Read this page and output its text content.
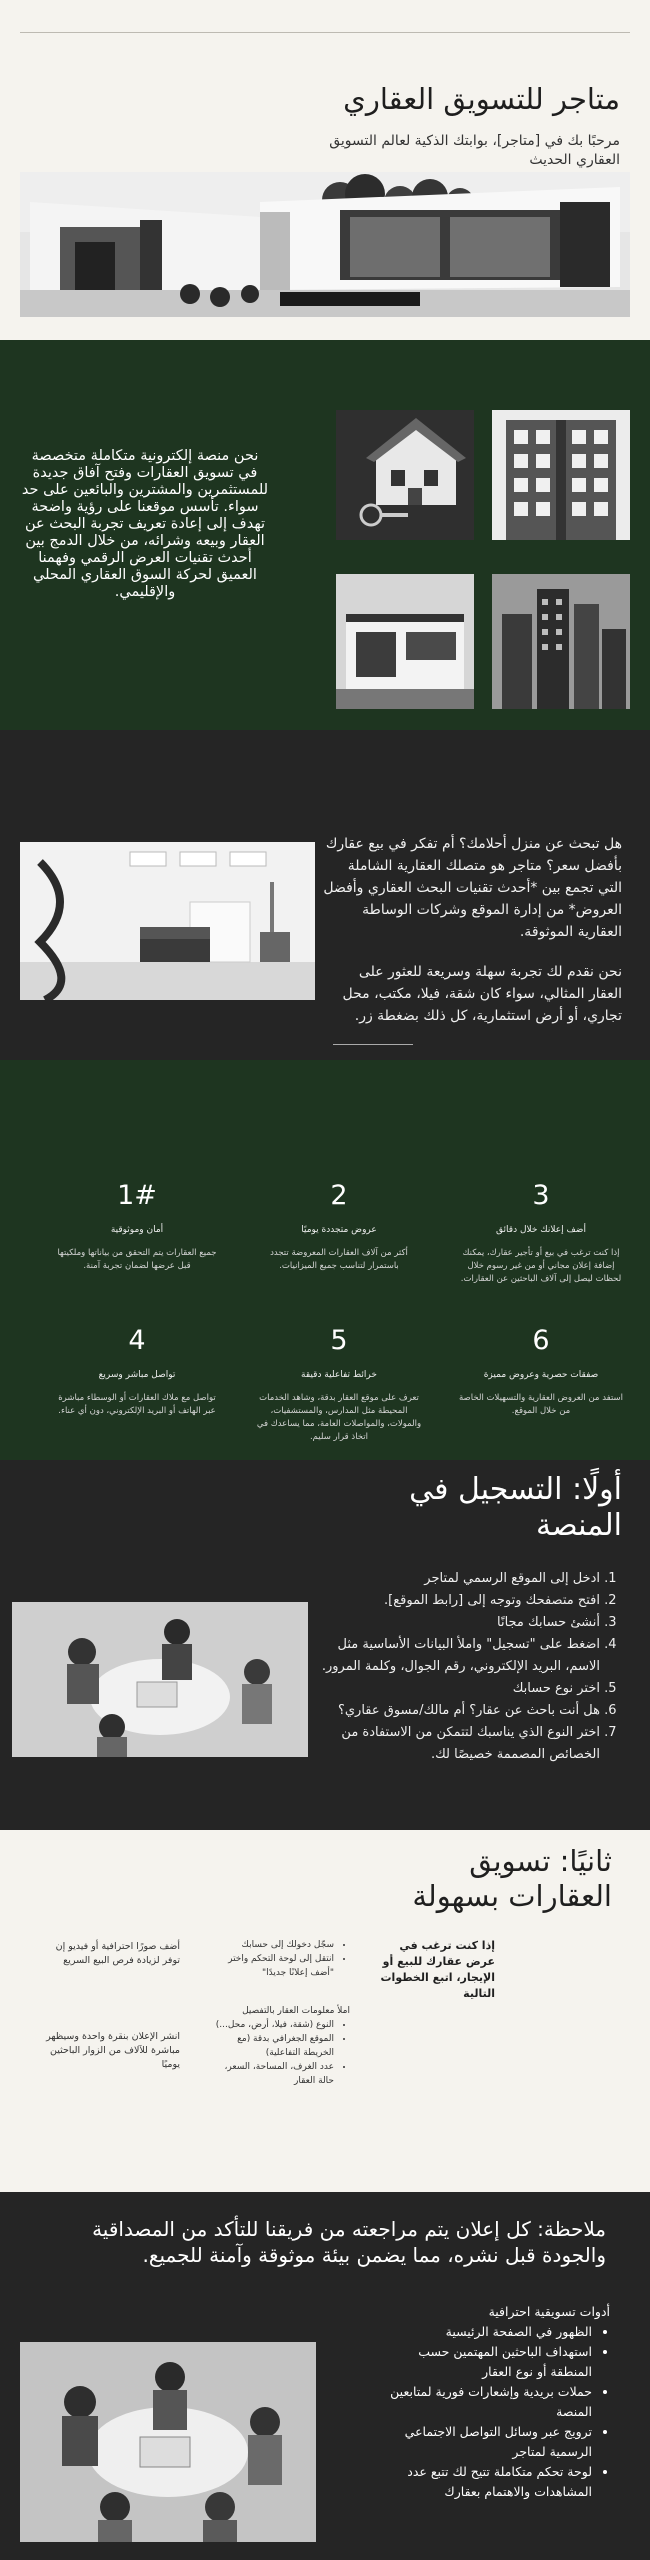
متاجر للتسويق العقاري

مرحبًا بك في [متاجر]، بوابتك الذكية لعالم التسويق العقاري الحديث

نحن منصة إلكترونية متكاملة متخصصة في تسويق العقارات وفتح آفاق جديدة للمستثمرين والمشترين والبائعين على حد سواء. تأسس موقعنا على رؤية واضحة تهدف إلى إعادة تعريف تجربة البحث عن العقار وبيعه وشرائه، من خلال الدمج بين أحدث تقنيات العرض الرقمي وفهمنا العميق لحركة السوق العقاري المحلي والإقليمي.

هل تبحث عن منزل أحلامك؟ أم تفكر في بيع عقارك بأفضل سعر؟ متاجر هو متصلك العقارية الشاملة التي تجمع بين *أحدث تقنيات البحث العقاري وأفضل العروض* من إدارة الموقع وشركات الوساطة العقارية الموثوقة.

نحن نقدم لك تجربة سهلة وسريعة للعثور على العقار المثالي، سواء كان شقة، فيلا، مكتب، محل تجاري، أو أرض استثمارية، كل ذلك بضغطة زر.

3
أضف إعلانك خلال دقائق
إذا كنت ترغب في بيع أو تأجير عقارك، يمكنك إضافة إعلان مجاني أو من غير رسوم خلال لحظات ليصل إلى آلاف الباحثين عن العقارات.
2
عروض متجددة يوميًا
أكثر من آلاف العقارات المعروضة تتجدد باستمرار لتناسب جميع الميزانيات.
1#
أمان وموثوقية
جميع العقارات يتم التحقق من بياناتها وملكيتها قبل عرضها لضمان تجربة آمنة.
6
صفقات حصرية وعروض مميزة
استفد من العروض العقارية والتسهيلات الخاصة من خلال الموقع.
5
خرائط تفاعلية دقيقة
تعرف على موقع العقار بدقة، وشاهد الخدمات المحيطة مثل المدارس، والمستشفيات، والمولات، والمواصلات العامة، مما يساعدك في اتخاذ قرار سليم.
4
تواصل مباشر وسريع
تواصل مع ملاك العقارات أو الوسطاء مباشرة عبر الهاتف أو البريد الإلكتروني، دون أي عناء.
أولًا: التسجيل في المنصة
1. ادخل إلى الموقع الرسمي لمتاجر
2. افتح متصفحك وتوجه إلى [رابط الموقع].
3. أنشئ حسابك مجانًا
4. اضغط على "تسجيل" واملأ البيانات الأساسية مثل الاسم، البريد الإلكتروني، رقم الجوال، وكلمة المرور.
5. اختر نوع حسابك
6. هل أنت باحث عن عقار؟ أم مالك/مسوق عقاري؟
7. اختر النوع الذي يناسبك لتتمكن من الاستفادة من الخصائص المصممة خصيصًا لك.
ثانيًا: تسويق العقارات بسهولة

إذا كنت ترغب في عرض عقارك للبيع أو الإيجار، اتبع الخطوات التالية

• سجّل دخولك إلى حسابك
• انتقل إلى لوحة التحكم واختر "أضف إعلانًا جديدًا"
املأ معلومات العقار بالتفصيل
• النوع (شقة، فيلا، أرض، محل...)
• الموقع الجغرافي بدقة (مع الخريطة التفاعلية)
• عدد الغرف، المساحة، السعر، حالة العقار

أضف صورًا احترافية أو فيديو إن توفر لزيادة فرص البيع السريع

انشر الإعلان بنقرة واحدة وسيظهر مباشرة للآلاف من الزوار الباحثين يوميًا

ملاحظة: كل إعلان يتم مراجعته من فريقنا للتأكد من المصداقية والجودة قبل نشره، مما يضمن بيئة موثوقة وآمنة للجميع.
أدوات تسويقية احترافية
• الظهور في الصفحة الرئيسية
• استهداف الباحثين المهتمين حسب المنطقة أو نوع العقار
• حملات بريدية وإشعارات فورية لمتابعين المنصة
• ترويج عبر وسائل التواصل الاجتماعي الرسمية لمتاجر
• لوحة تحكم متكاملة تتيح لك تتبع عدد المشاهدات والاهتمام بعقارك
